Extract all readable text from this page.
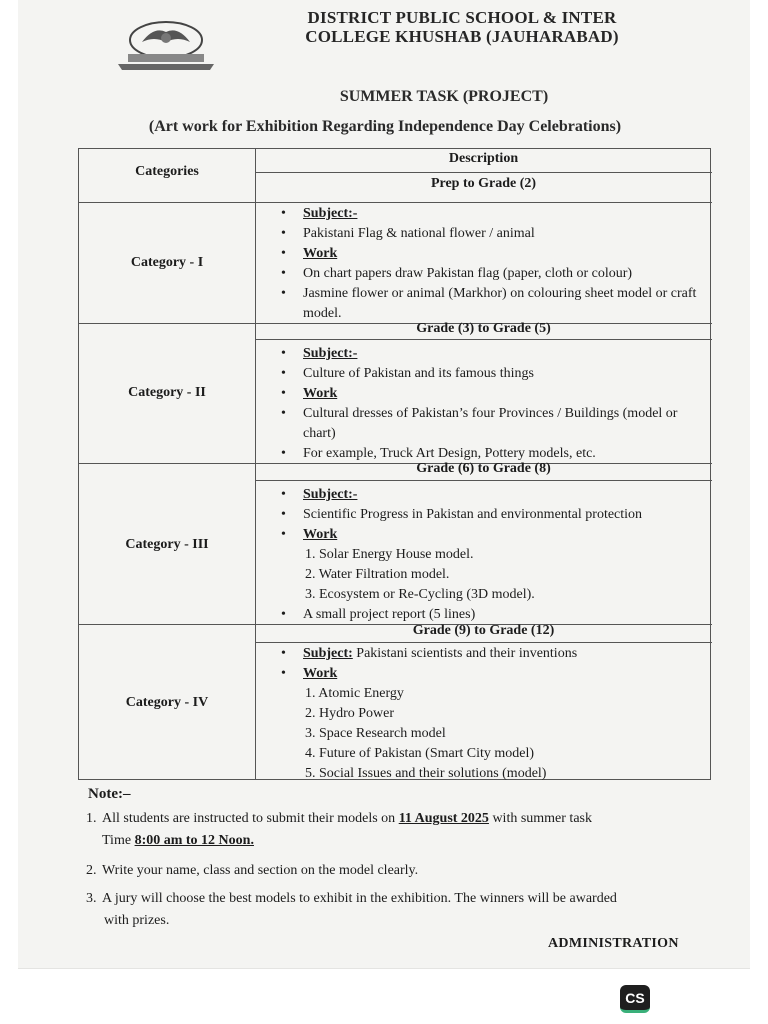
DISTRICT PUBLIC SCHOOL & INTER
COLLEGE KHUSHAB (JAUHARABAD)
SUMMER TASK (PROJECT)
(Art work for Exhibition Regarding Independence Day Celebrations)
Categories
Description
Prep to Grade (2)
Category - I
• Subject:-
• Pakistani Flag & national flower / animal
• Work
• On chart papers draw Pakistan flag (paper, cloth or colour)
• Jasmine flower or animal (Markhor) on colouring sheet model or craft model.
Grade (3) to Grade (5)
Category - II
• Subject:-
• Culture of Pakistan and its famous things
• Work
• Cultural dresses of Pakistan’s four Provinces / Buildings (model or chart)
• For example, Truck Art Design, Pottery models, etc.
Grade (6) to Grade (8)
Category - III
• Subject:-
• Scientific Progress in Pakistan and environmental protection
• Work
1. Solar Energy House model.
2. Water Filtration model.
3. Ecosystem or Re-Cycling (3D model).
• A small project report (5 lines)
Grade (9) to Grade (12)
Category - IV
• Subject: Pakistani scientists and their inventions
• Work
1. Atomic Energy
2. Hydro Power
3. Space Research model
4. Future of Pakistan (Smart City model)
5. Social Issues and their solutions (model)
Note:–
1. All students are instructed to submit their models on 11 August 2025 with summer task
Time 8:00 am to 12 Noon.
2. Write your name, class and section on the model clearly.
3. A jury will choose the best models to exhibit in the exhibition. The winners will be awarded
with prizes.
ADMINISTRATION
CS
